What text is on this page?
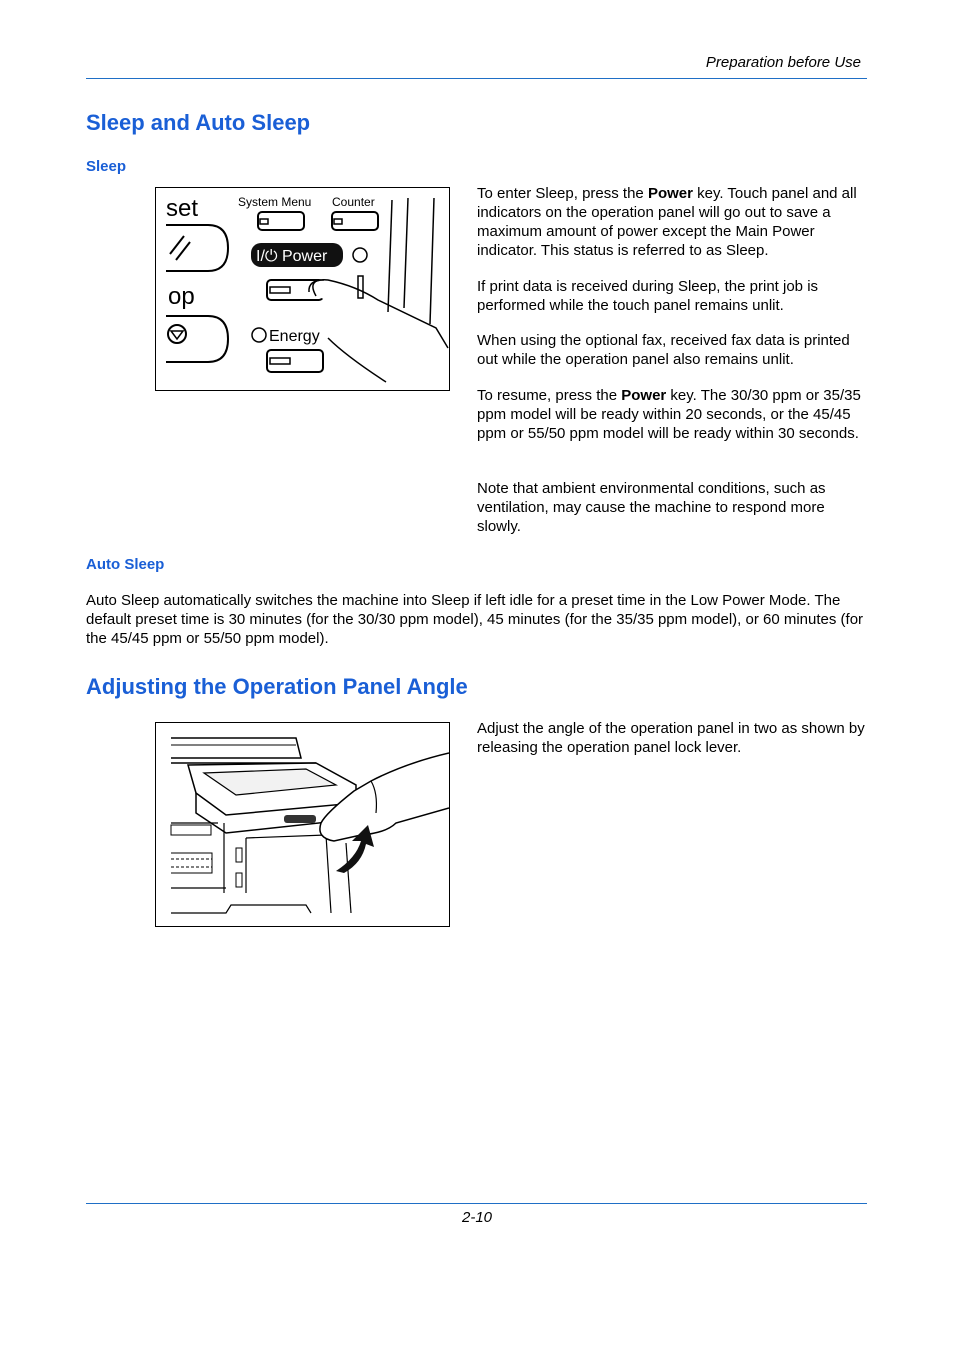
Preparation before Use
Sleep and Auto Sleep
Sleep
set	System Menu Counter
I/⏻ Power
op
Energy

To enter Sleep, press the Power key. Touch panel and all indicators on the operation panel will go out to save a maximum amount of power except the Main Power indicator. This status is referred to as Sleep.

If print data is received during Sleep, the print job is performed while the touch panel remains unlit.

When using the optional fax, received fax data is printed out while the operation panel also remains unlit.

To resume, press the Power key. The 30/30 ppm or 35/35 ppm model will be ready within 20 seconds, or the 45/45 ppm or 55/50 ppm model will be ready within 30 seconds.

Note that ambient environmental conditions, such as ventilation, may cause the machine to respond more slowly.

Auto Sleep

Auto Sleep automatically switches the machine into Sleep if left idle for a preset time in the Low Power Mode. The default preset time is 30 minutes (for the 30/30 ppm model), 45 minutes (for the 35/35 ppm model), or 60 minutes (for the 45/45 ppm or 55/50 ppm model).

Adjusting the Operation Panel Angle

Adjust the angle of the operation panel in two as shown by releasing the operation panel lock lever.

2-10
